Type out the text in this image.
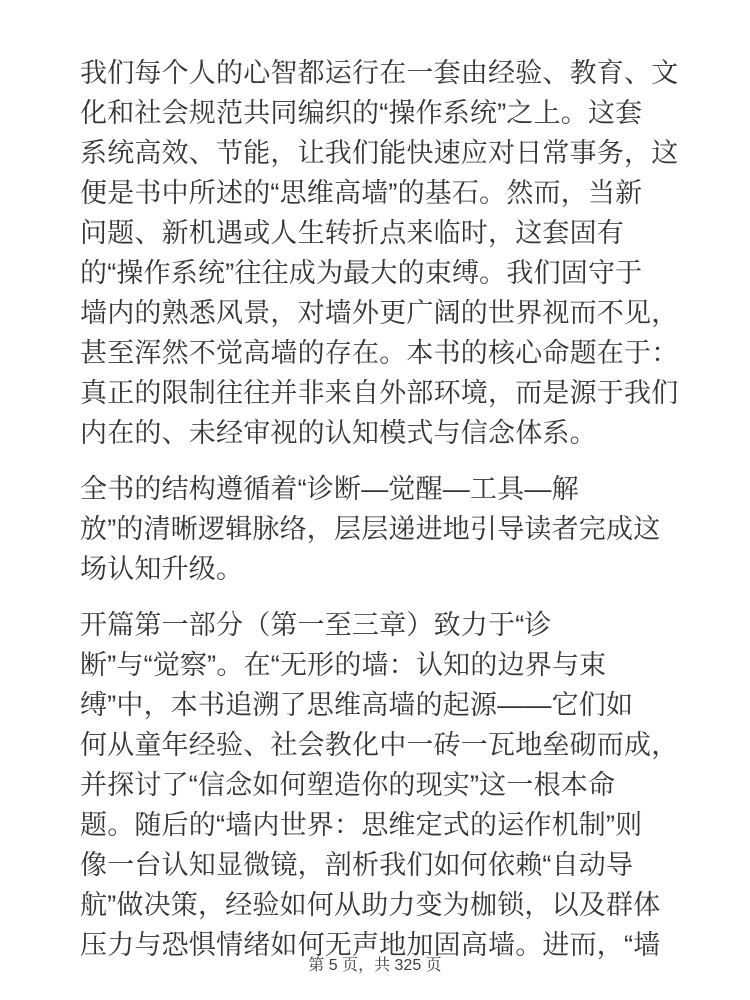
我们每个人的心智都运行在一套由经验、教育、文
化和社会规范共同编织的“操作系统”之上。这套
系统高效、节能，让我们能快速应对日常事务，这
便是书中所述的“思维高墙”的基石。然而，当新
问题、新机遇或人生转折点来临时，这套固有
的“操作系统”往往成为最大的束缚。我们固守于
墙内的熟悉风景，对墙外更广阔的世界视而不见，
甚至浑然不觉高墙的存在。本书的核心命题在于：
真正的限制往往并非来自外部环境，而是源于我们
内在的、未经审视的认知模式与信念体系。
全书的结构遵循着“诊断—觉醒—工具—解
放”的清晰逻辑脉络，层层递进地引导读者完成这
场认知升级。
开篇第一部分（第一至三章）致力于“诊
断”与“觉察”。在“无形的墙：认知的边界与束
缚”中，本书追溯了思维高墙的起源——它们如
何从童年经验、社会教化中一砖一瓦地垒砌而成，
并探讨了“信念如何塑造你的现实”这一根本命
题。随后的“墙内世界：思维定式的运作机制”则
像一台认知显微镜，剖析我们如何依赖“自动导
航”做决策，经验如何从助力变为枷锁，以及群体
压力与恐惧情绪如何无声地加固高墙。进而，“墙
第 5 页，共 325 页
